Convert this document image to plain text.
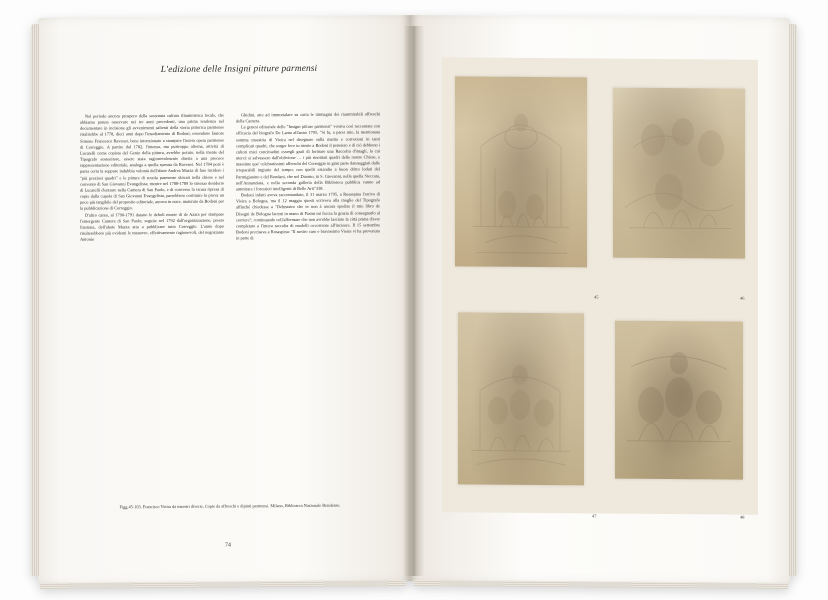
L'edizione delle Insigni pitture parmensi

Nel periodo ancora prospero della sostenuta cultura illuministica locale, che abbiamo potuto osservare nei tre anni precedenti, una prima tendenza nel documentare in incisione gli avvenimenti salienti della storia pittorica parmense risalirebbe al 1778, dieci anni dopo l'insediamento di Bodoni; essendone fautore Simone Francesco Ravenet, bene intenzionato a stampare l'intera opera parmense di Correggio. A partire dal 1782, l'intensa, ma purtroppo alterna, attività di Lucatelli come copista del Genio della pittura, avrebbe potuto, nella mente del Tipografo sostenitore, essere stata ragionevolmente diretta a una precoce rappresentazione editoriale, analoga a quella sperata da Ravenet. Nel 1784 poté è parsa certa la seppure indubbia volontà dell'abate Andrea Mazza di fare incidere i "più preziosi quadri" e le pitture di scuola parmense ubicati nella chiese e nel convento di San Giovanni Evangelista; mentre nel 1788-1789 lo strenuo desiderio di Lucatelli d'entrare nella Camera di San Paolo, e di converso la sicura ripresa di copie dalla cupola di San Giovanni Evangelista, parrebbero costituire la prova un poco più tangibile del proposito editoriale, ancora in nuce, maturato da Bodoni per la pubblicazione di Correggio.

D'altro canto, al 1790-1791 datano le deboli mosse di de Azara per stampare l'emergente Camera di San Paolo; seguite nel 1792 dall'organizzazione, presto frustrata, dell'abate Mazza atta a pubblicare tutto Correggio. L'anno dopo risulterebbero più evidenti le manovre, effettivamente ragionevoli, del negoziante Antonio

Ghidini, atte ad immortalare su carta le immagini dei riammirabili affreschi della Camera.

La genesi editoriale delle "Insigni pitture parmensi" veniva così raccontata con efficacia dal biografo De Lama all'anno 1795, "Si fu, a parer mio, la mentionata somma maestria di Vieira nel disegnare sulla matita e correzioni in tanti complicati quadri, che sorger fece in mente a Bodoni il pensiero e di ciò debbono i cultori miei concittadini essergli grati di formare una Raccolta d'intagli, la cui mercé si salvassero dall'oblivione … i più rinomati quadri delle nostre Chiese, e massime que' celebratissimi affreschi del Correggio in gran parte danneggiati dalle irreparabili ingiurie del tempo; con quelli eziandio a buon dritto lodati del Parmigianino e del Rondani, che nel Duomo, in S. Giovanni, nella quella Steccata, nell'Annunziata, e nella seconda galleria della Biblioteca pubblica vanno ad ammirare i forestieri intelligenti di Belle Arti"338.

Bodoni infatti aveva raccomandato, il 31 marzo 1795, a Rosaspina l'arrivo di Vieira a Bologna, ma il 12 maggio questi scriveva alla moglie del Tipografo affinché chiedesse a "Delmastro che se non à ancora spedito il mio libro de Disegni de Bologna facimi in mano di Pasini mi faccia la grazia di consegnarlo al corriere"; continuando coll'affermare che non avrebbe lasciato la città prima d'aver completato a l'intera raccolta di modelli occorrente all'incisore. Il 15 settembre Bodoni precisava a Rosaspina: "Il nostro caro e bravissimo Vieira vi ha prevenuto in parte di

Figg.45-103. Francisco Vieira da maestri diversi, Copie da affreschi e dipinti parmensi. Milano, Biblioteca Nazionale Braidense.
74
45	46
47	48
